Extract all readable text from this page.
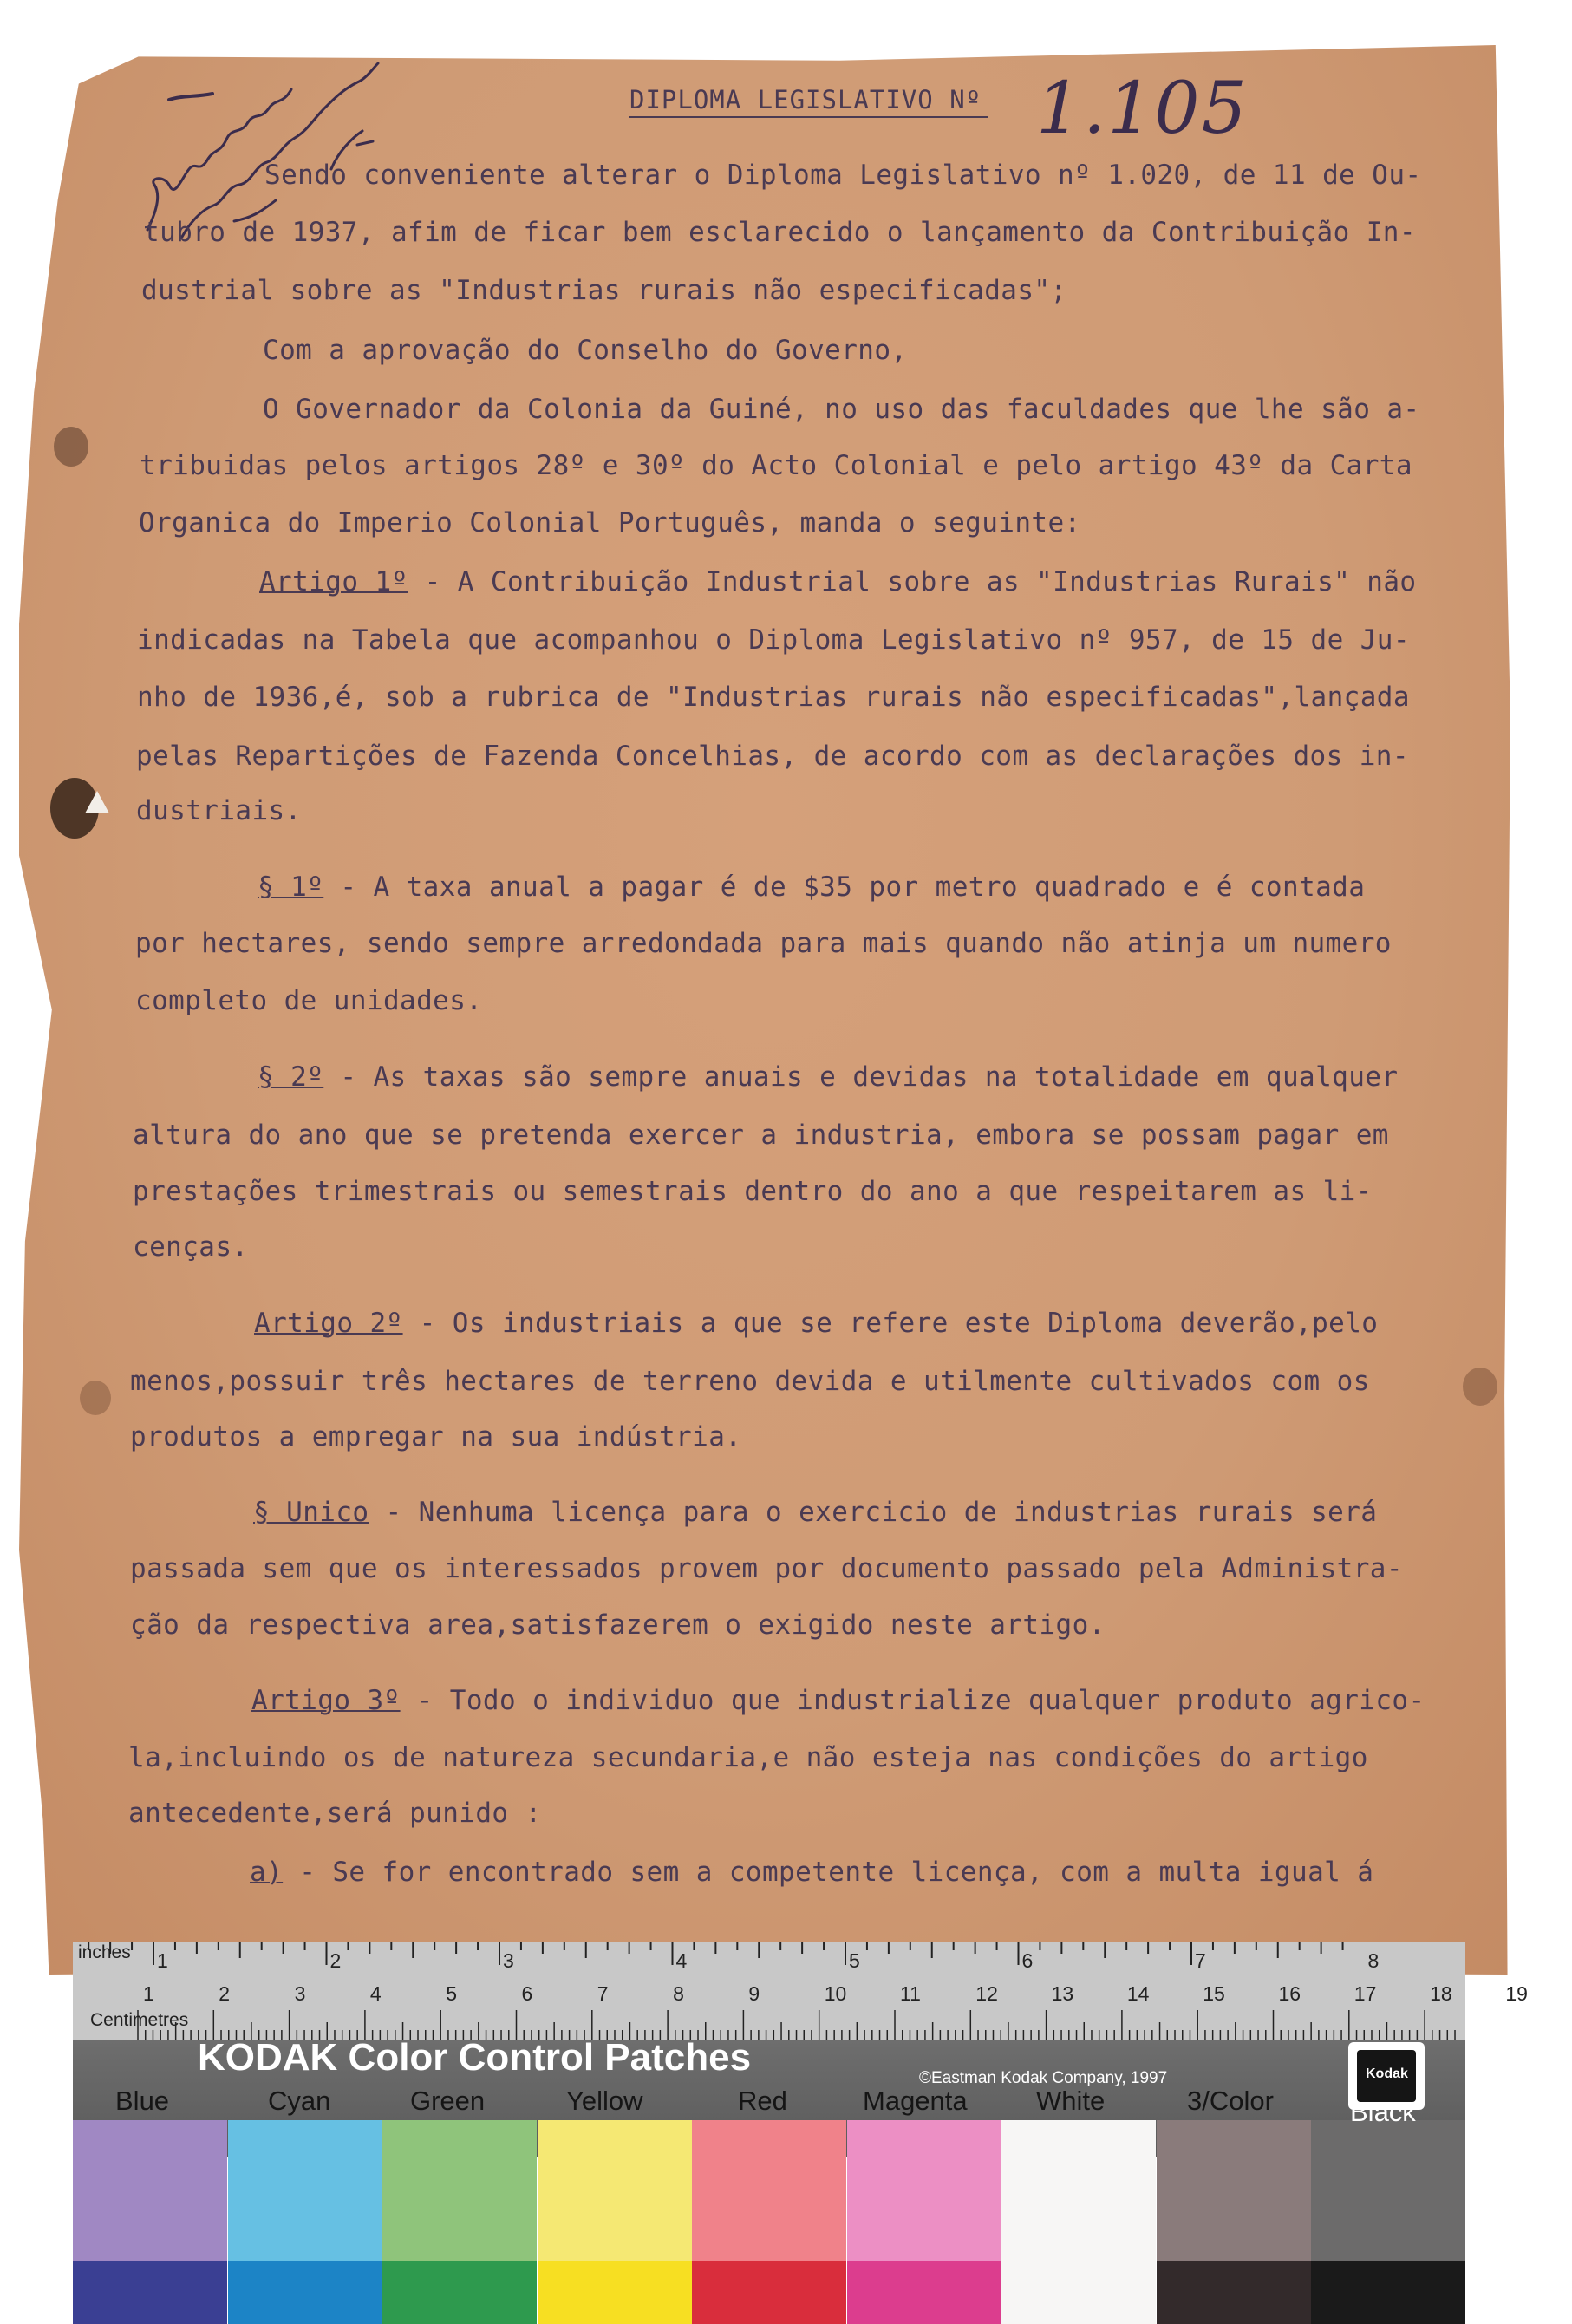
DIPLOMA LEGISLATIVO Nº 1.105

Sendo conveniente alterar o Diploma Legislativo nº 1.020, de 11 de Ou-

tubro de 1937, afim de ficar bem esclarecido o lançamento da Contribuição In-

dustrial sobre as "Industrias rurais não especificadas";

Com a aprovação do Conselho do Governo,

O Governador da Colonia da Guiné, no uso das faculdades que lhe são a-

tribuidas pelos artigos 28º e 30º do Acto Colonial e pelo artigo 43º da Carta

Organica do Imperio Colonial Português, manda o seguinte:

Artigo 1º - A Contribuição Industrial sobre as "Industrias Rurais" não

indicadas na Tabela que acompanhou o Diploma Legislativo nº 957, de 15 de Ju-

nho de 1936,é, sob a rubrica de "Industrias rurais não especificadas",lançada

pelas Repartições de Fazenda Concelhias, de acordo com as declarações dos in-

dustriais.

§ 1º - A taxa anual a pagar é de $35 por metro quadrado e é contada

por hectares, sendo sempre arredondada para mais quando não atinja um numero

completo de unidades.

§ 2º - As taxas são sempre anuais e devidas na totalidade em qualquer

altura do ano que se pretenda exercer a industria, embora se possam pagar em

prestações trimestrais ou semestrais dentro do ano a que respeitarem as li-

cenças.

Artigo 2º - Os industriais a que se refere este Diploma deverão,pelo

menos,possuir três hectares de terreno devida e utilmente cultivados com os

produtos a empregar na sua indústria.

§ Unico - Nenhuma licença para o exercicio de industrias rurais será

passada sem que os interessados provem por documento passado pela Administra-

ção da respectiva area,satisfazerem o exigido neste artigo.

Artigo 3º - Todo o individuo que industrialize qualquer produto agrico-

la,incluindo os de natureza secundaria,e não esteja nas condições do artigo

antecedente,será punido :

a) - Se for encontrado sem a competente licença, com a multa igual á

inches

Centimetres

1	2	3	4	5	6	7	8

1	2	3	4	5	6	7	8	9	10	11	12	13	14	15	16	17	18	19

KODAK Color Control Patches	©Eastman Kodak Company, 1997

Blue	Cyan	Green	Yellow	Red	Magenta	White	3/Color	Black

Kodak
